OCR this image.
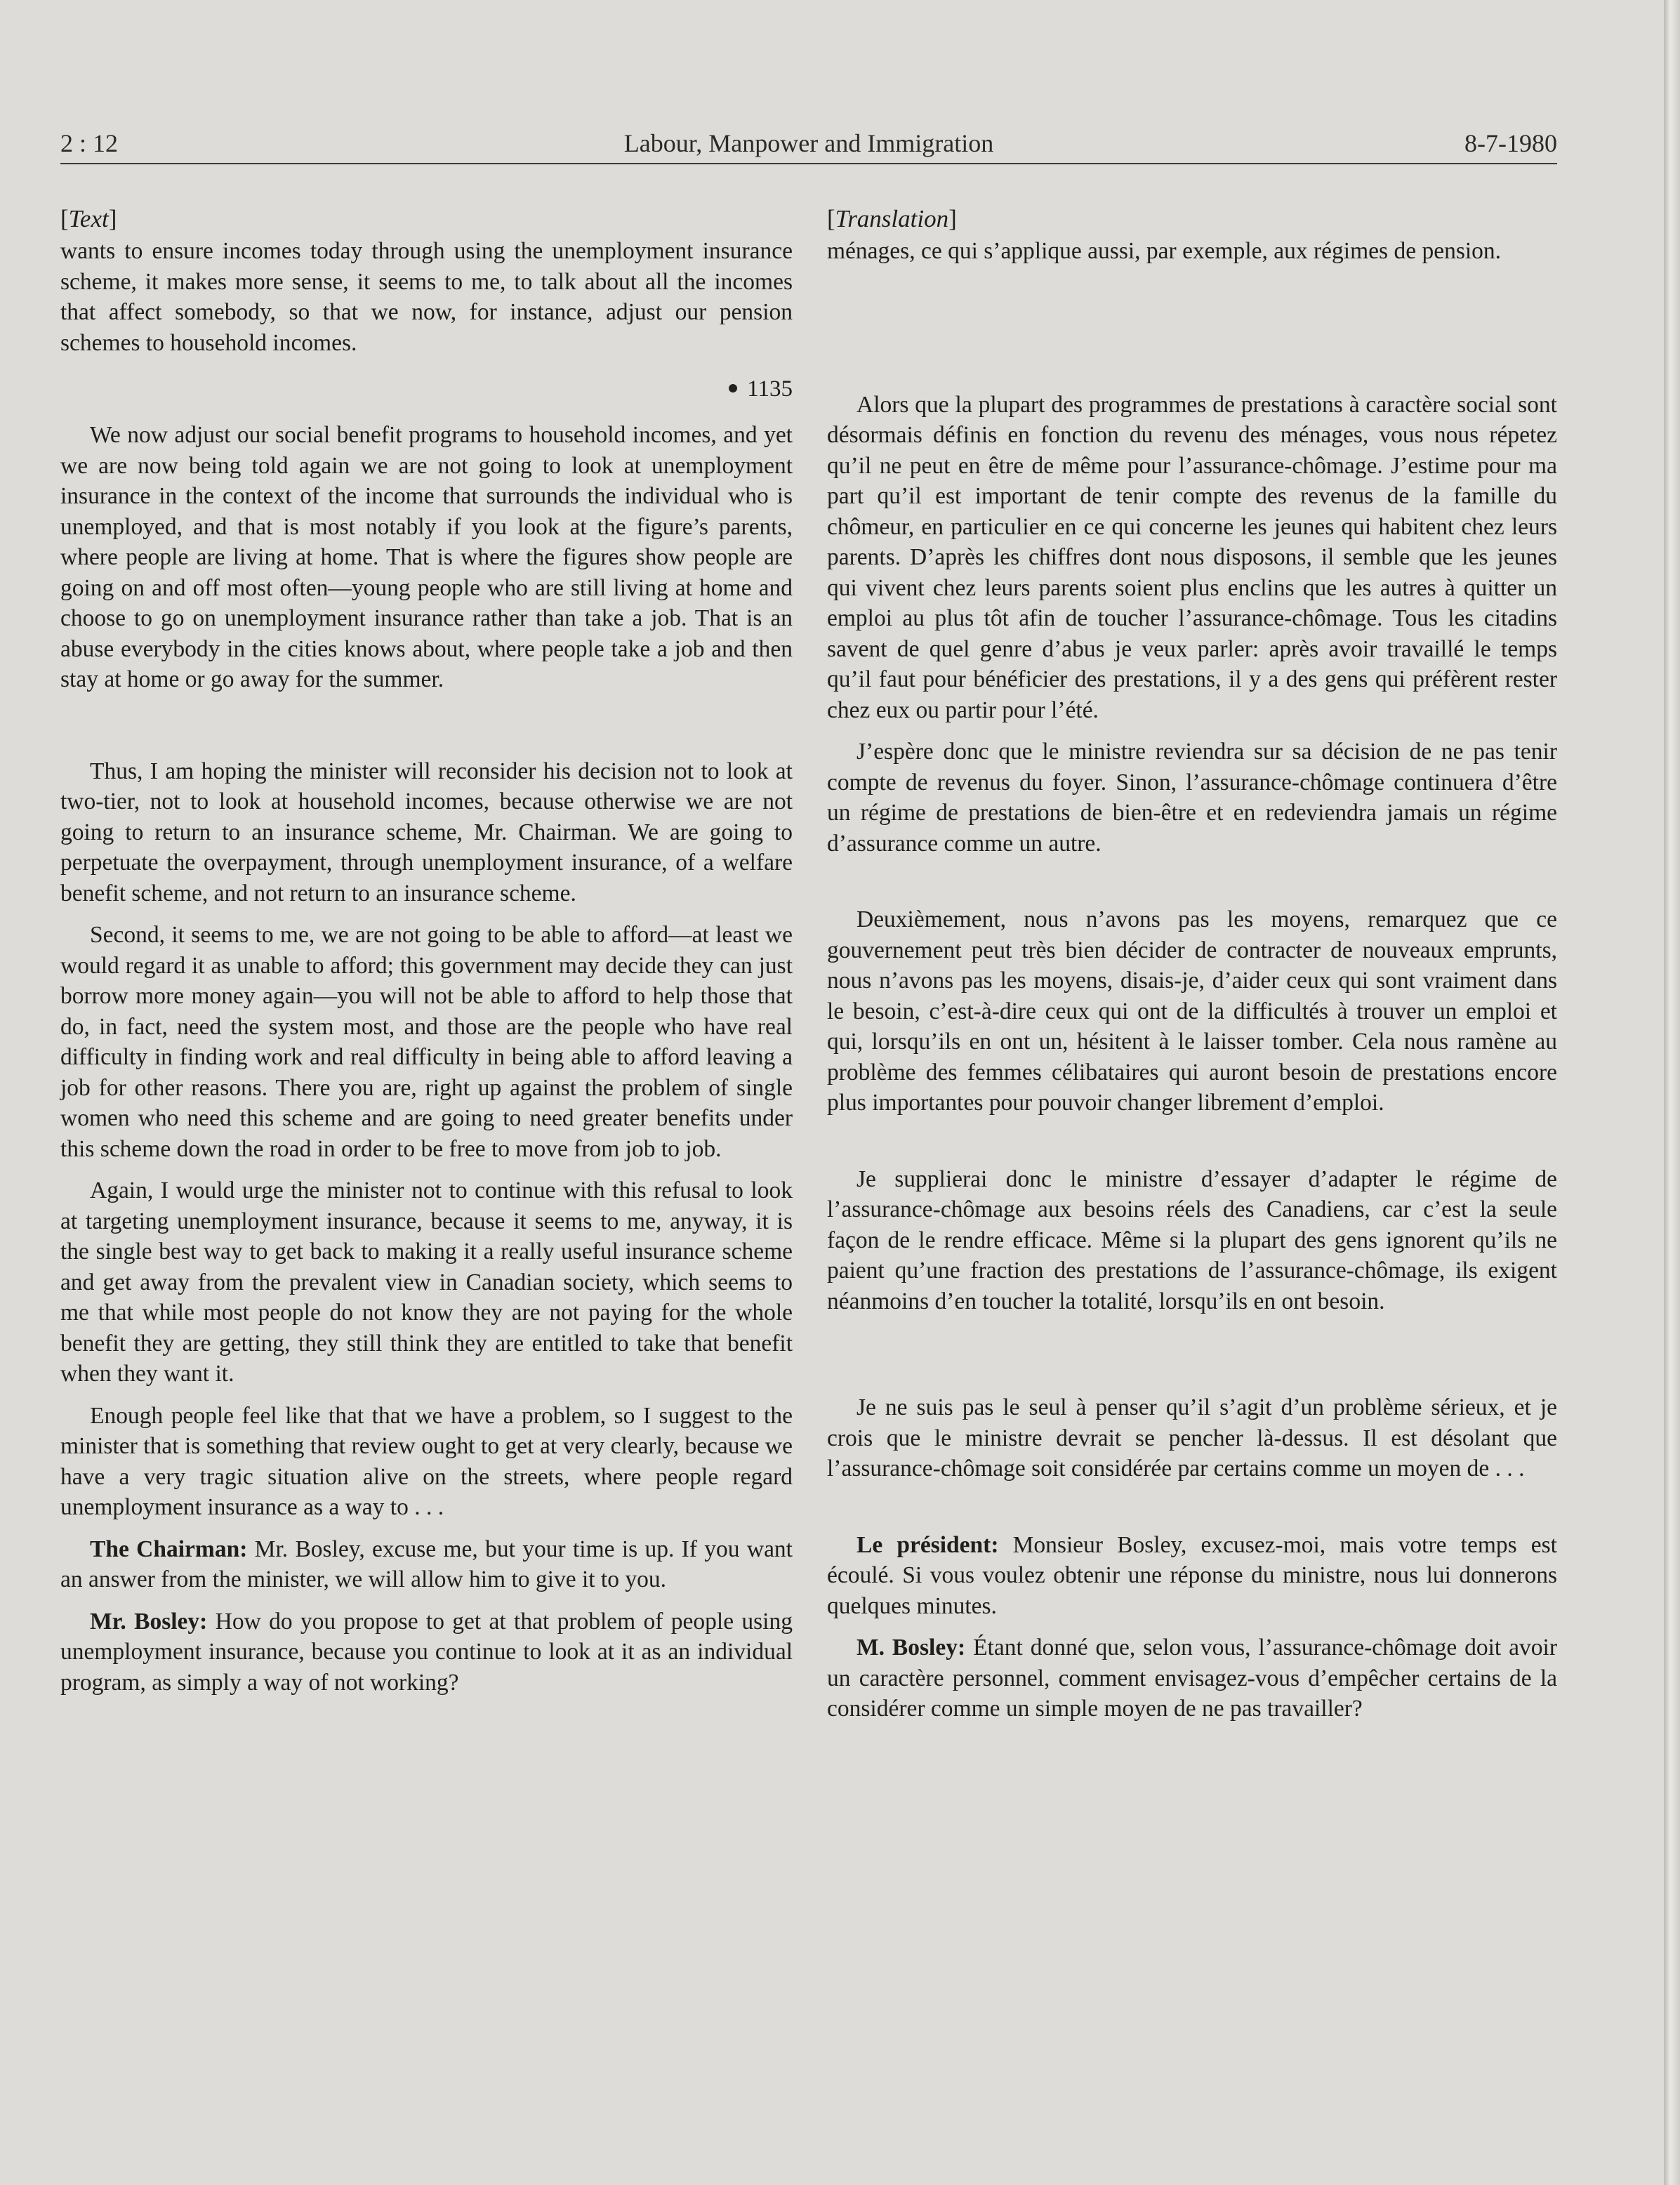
2 : 12	Labour, Manpower and Immigration	8-7-1980
[Text]

wants to ensure incomes today through using the unemployment insurance scheme, it makes more sense, it seems to me, to talk about all the incomes that affect somebody, so that we now, for instance, adjust our pension schemes to household incomes.

1135

We now adjust our social benefit programs to household incomes, and yet we are now being told again we are not going to look at unemployment insurance in the context of the income that surrounds the individual who is unemployed, and that is most notably if you look at the figure’s parents, where people are living at home. That is where the figures show people are going on and off most often—young people who are still living at home and choose to go on unemployment insurance rather than take a job. That is an abuse everybody in the cities knows about, where people take a job and then stay at home or go away for the summer.

Thus, I am hoping the minister will reconsider his decision not to look at two-tier, not to look at household incomes, because otherwise we are not going to return to an insurance scheme, Mr. Chairman. We are going to perpetuate the overpayment, through unemployment insurance, of a welfare benefit scheme, and not return to an insurance scheme.

Second, it seems to me, we are not going to be able to afford—at least we would regard it as unable to afford; this government may decide they can just borrow more money again—you will not be able to afford to help those that do, in fact, need the system most, and those are the people who have real difficulty in finding work and real difficulty in being able to afford leaving a job for other reasons. There you are, right up against the problem of single women who need this scheme and are going to need greater benefits under this scheme down the road in order to be free to move from job to job.

Again, I would urge the minister not to continue with this refusal to look at targeting unemployment insurance, because it seems to me, anyway, it is the single best way to get back to making it a really useful insurance scheme and get away from the prevalent view in Canadian society, which seems to me that while most people do not know they are not paying for the whole benefit they are getting, they still think they are entitled to take that benefit when they want it.

Enough people feel like that that we have a problem, so I suggest to the minister that is something that review ought to get at very clearly, because we have a very tragic situation alive on the streets, where people regard unemployment insurance as a way to . . .

The Chairman: Mr. Bosley, excuse me, but your time is up. If you want an answer from the minister, we will allow him to give it to you.

Mr. Bosley: How do you propose to get at that problem of people using unemployment insurance, because you continue to look at it as an individual program, as simply a way of not working?

[Translation]

ménages, ce qui s’applique aussi, par exemple, aux régimes de pension.

Alors que la plupart des programmes de prestations à caractère social sont désormais définis en fonction du revenu des ménages, vous nous répetez qu’il ne peut en être de même pour l’assurance-chômage. J’estime pour ma part qu’il est important de tenir compte des revenus de la famille du chômeur, en particulier en ce qui concerne les jeunes qui habitent chez leurs parents. D’après les chiffres dont nous disposons, il semble que les jeunes qui vivent chez leurs parents soient plus enclins que les autres à quitter un emploi au plus tôt afin de toucher l’assurance-chômage. Tous les citadins savent de quel genre d’abus je veux parler: après avoir travaillé le temps qu’il faut pour bénéficier des prestations, il y a des gens qui préfèrent rester chez eux ou partir pour l’été.

J’espère donc que le ministre reviendra sur sa décision de ne pas tenir compte de revenus du foyer. Sinon, l’assurance-chômage continuera d’être un régime de prestations de bien-être et en redeviendra jamais un régime d’assurance comme un autre.

Deuxièmement, nous n’avons pas les moyens, remarquez que ce gouvernement peut très bien décider de contracter de nouveaux emprunts, nous n’avons pas les moyens, disais-je, d’aider ceux qui sont vraiment dans le besoin, c’est-à-dire ceux qui ont de la difficultés à trouver un emploi et qui, lorsqu’ils en ont un, hésitent à le laisser tomber. Cela nous ramène au problème des femmes célibataires qui auront besoin de prestations encore plus importantes pour pouvoir changer librement d’emploi.

Je supplierai donc le ministre d’essayer d’adapter le régime de l’assurance-chômage aux besoins réels des Canadiens, car c’est la seule façon de le rendre efficace. Même si la plupart des gens ignorent qu’ils ne paient qu’une fraction des prestations de l’assurance-chômage, ils exigent néanmoins d’en toucher la totalité, lorsqu’ils en ont besoin.

Je ne suis pas le seul à penser qu’il s’agit d’un problème sérieux, et je crois que le ministre devrait se pencher là-dessus. Il est désolant que l’assurance-chômage soit considérée par certains comme un moyen de . . .

Le président: Monsieur Bosley, excusez-moi, mais votre temps est écoulé. Si vous voulez obtenir une réponse du ministre, nous lui donnerons quelques minutes.

M. Bosley: Étant donné que, selon vous, l’assurance-chômage doit avoir un caractère personnel, comment envisagez-vous d’empêcher certains de la considérer comme un simple moyen de ne pas travailler?
